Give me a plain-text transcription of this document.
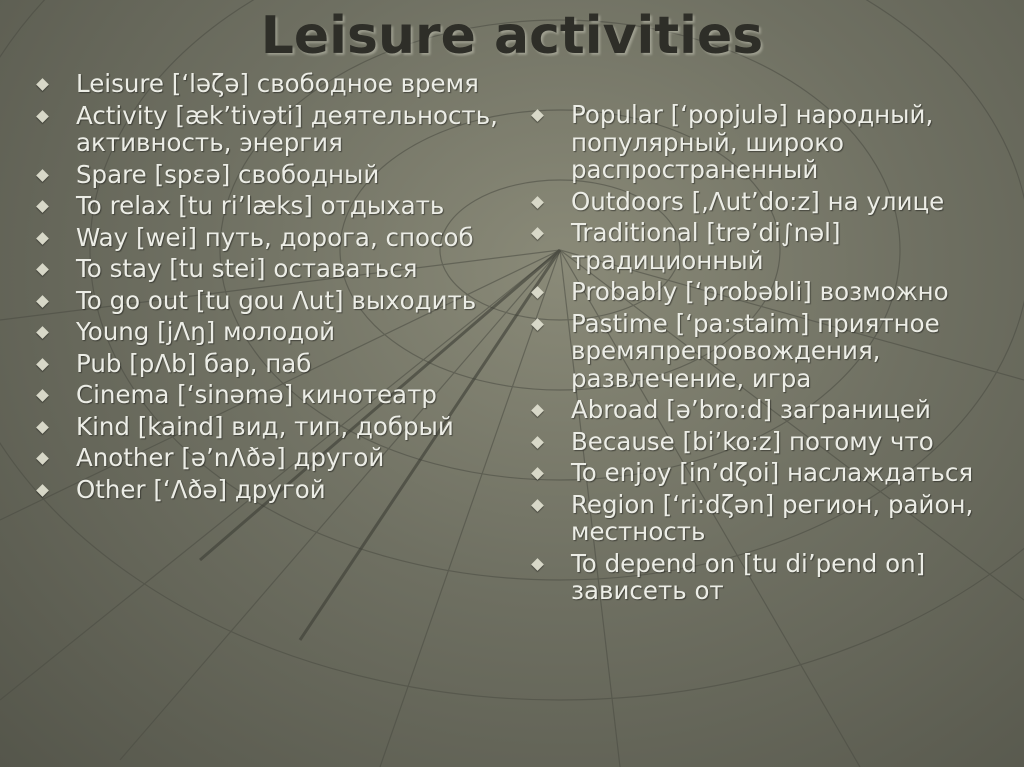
Leisure activities
Leisure [‘ləζə] свободное время
Activity [æk’tivəti] деятельность, активность, энергия
Spare [spɛə] свободный
To relax [tu ri’læks] отдыхать
Way [wei] путь, дорога, способ
To stay [tu stei] оставаться
To go out [tu gou Λut] выходить
Young [jΛŋ] молодой
Pub [pΛb] бар, паб
Cinema [‘sinəmə] кинотеатр
Kind [kaind] вид, тип, добрый
Another [ə’nΛðə] другой
Other [‘Λðə] другой
Popular [‘popjulə] народный, популярный, широко распространенный
Outdoors [,Λut’do:z] на улице
Traditional [trə’di∫nəl] традиционный
Probably [‘probəbli] возможно
Pastime [‘pa:staim] приятное времяпрепровождения, развлечение, игра
Abroad [ə’bro:d] заграницей
Because [bi’ko:z] потому что
To enjoy [in’dζoi] наслаждаться
Region [‘ri:dζən] регион, район, местность
To depend on [tu di’pend on] зависеть от
